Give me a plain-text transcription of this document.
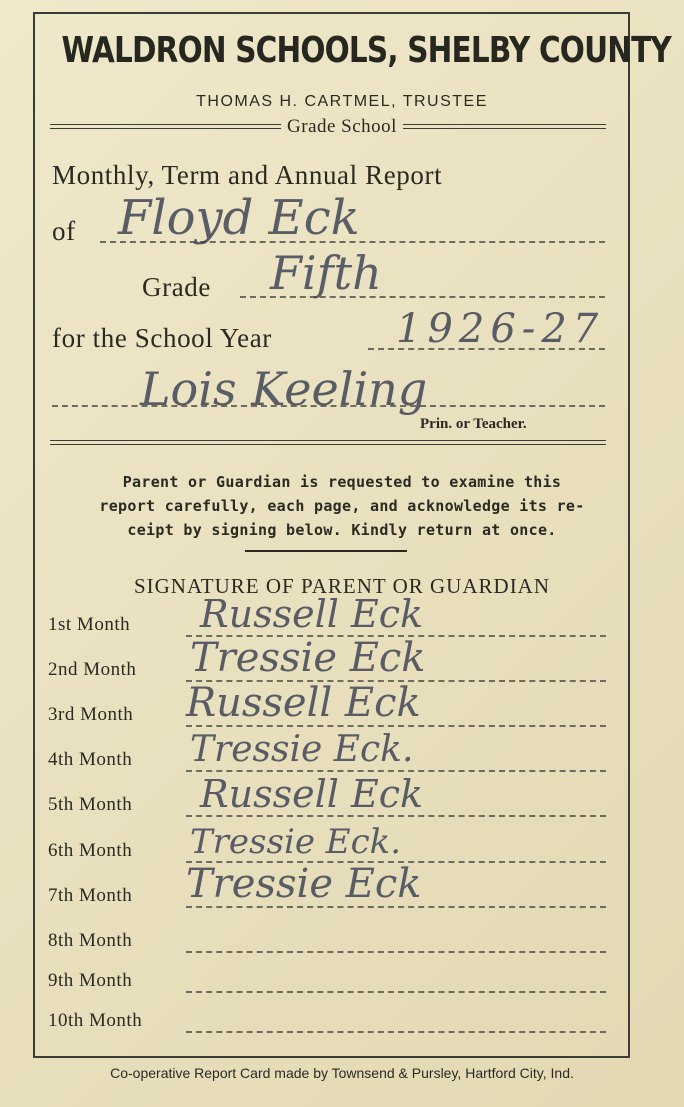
WALDRON SCHOOLS, SHELBY COUNTY
THOMAS H. CARTMEL, TRUSTEE
Grade School
Monthly, Term and Annual Report
of Floyd Eck
Grade Fifth
for the School Year	1926-27
Lois Keeling
Prin. or Teacher.
Parent or Guardian is requested to examine this
report carefully, each page, and acknowledge its re-
ceipt by signing below. Kindly return at once.
SIGNATURE OF PARENT OR GUARDIAN
1st Month Russell Eck
2nd Month Tressie Eck
3rd Month Russell Eck
4th Month Tressie Eck.
5th Month Russell Eck
6th Month Tressie Eck.
7th Month Tressie Eck
8th Month
9th Month
10th Month
Co-operative Report Card made by Townsend & Pursley, Hartford City, Ind.
